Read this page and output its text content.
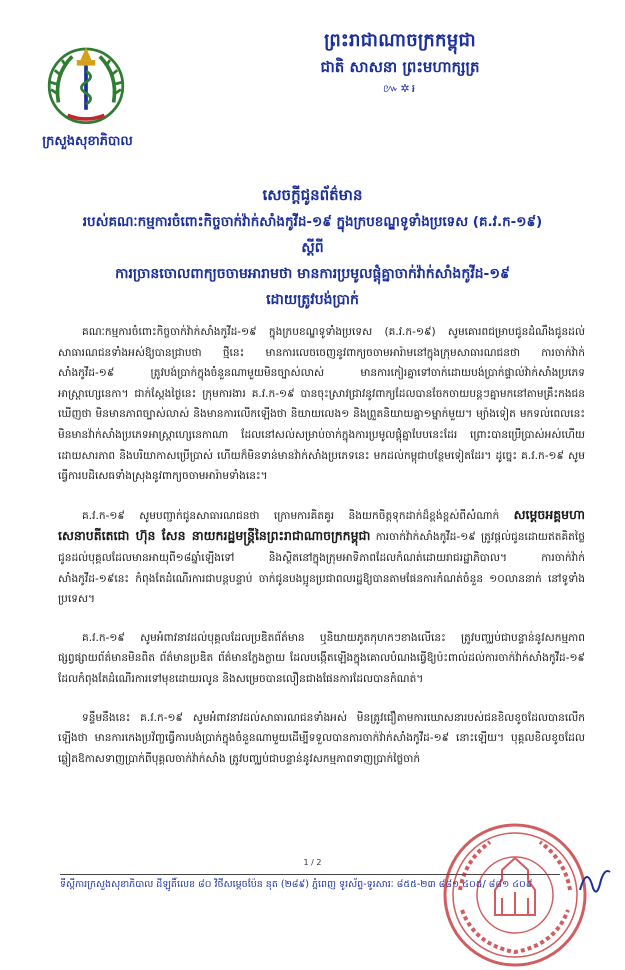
ក្រសួងសុខាភិបាល
ព្រះរាជាណាចក្រកម្ពុជា
ជាតិ សាសនា ព្រះមហាក្សត្រ
៚✲៛
សេចក្តីជូនព័ត៌មាន
របស់គណៈកម្មការចំពោះកិច្ចចាក់វ៉ាក់សាំងកូវីដ-១៩ ក្នុងក្របខណ្ឌទូទាំងប្រទេស (គ.វ.ក-១៩)
ស្តីពី
ការច្រានចោលពាក្យចចាមអារាមថា មានការប្រមូលផ្តុំគ្នាចាក់វ៉ាក់សាំងកូវីដ-១៩
ដោយត្រូវបង់ប្រាក់

គណៈកម្មការចំពោះកិច្ចចាក់វ៉ាក់សាំងកូវីដ-១៩ ក្នុងក្របខណ្ឌទូទាំងប្រទេស (គ.វ.ក-១៩) សូមគោរពជម្រាបជូនដំណឹងជូនដល់សាធារណជនទាំងអស់ឱ្យបានជ្រាបថា ថ្មីនេះ មានការលេចចេញនូវពាក្យចចាមអារ៉ាមនៅក្នុងក្រុមសាធារណជនថា ការចាក់វ៉ាក់សាំងកូវីដ-១៩ ត្រូវបង់ប្រាក់ក្នុងចំនួនណាមួយមិនច្បាស់លាស់ មានការកៀរគ្នាទៅចាក់ដោយបង់ប្រាក់ផ្ទាល់វ៉ាក់សាំងប្រភេទអាស្ត្រាហ្សេនេកា។ ជាក់ស្តែងថ្ងៃនេះ ក្រុមការងារ គ.វ.ក-១៩ បានចុះស្រាវជ្រាវនូវពាក្យដែលបានចែកចាយបន្តៗគ្នាមកនៅតាមគ្រឹះកងជន ឃើញថា មិនមានភាពច្បាស់លាស់ និងមានការលើកឡើងថា និយាយលេង១ និងព្រួតនិយាយគ្នា១ម្នាក់មួយ។ ម្យ៉ាងទៀត មកទល់ពេលនេះ មិនមានវ៉ាក់សាំងប្រភេទអាស្ត្រាហ្សេនេកាណា ដែលនៅសល់សម្រាប់ចាក់ក្នុងការប្រមូលផ្តុំគ្នាបែបនេះដែរ ព្រោះបានប្រើប្រាស់អស់ហើយដោយសារភាព និងបរិយាកាសប្រើប្រាស់ ហើយក៏មិនទាន់មានវ៉ាក់សាំងប្រភេទនេះ មកដល់កម្ពុជាបន្ថែមទៀតដែរ។ ដូច្នេះ គ.វ.ក-១៩ សូមធ្វើការបដិសេធទាំងស្រុងនូវពាក្យចចាមអារ៉ាមទាំងនេះ។

គ.វ.ក-១៩ សូមបញ្ជាក់ជូនសាធារណជនថា ក្រោមការគិតគូរ និងយកចិត្តទុកដាក់ដ៏ខ្ពង់ខ្ពស់ពីសំណាក់ សម្តេចអគ្គមហាសេនាបតីតេជោ ហ៊ុន សែន នាយករដ្ឋមន្ត្រីនៃព្រះរាជាណាចក្រកម្ពុជា ការចាក់វ៉ាក់សាំងកូវីដ-១៩ ត្រូវផ្តល់ជូនដោយឥតគិតថ្លៃ ជូនដល់បុគ្គលដែលមានអាយុពី១៨ឆ្នាំឡើងទៅ និងស្ថិតនៅក្នុងក្រុមអាទិភាពដែលកំណត់ដោយរាជរដ្ឋាភិបាល។ ការចាក់វ៉ាក់សាំងកូវីដ-១៩នេះ កំពុងតែដំណើរការជាបន្តបន្ទាប់ ចាក់ជូនបងប្អូនប្រជាពលរដ្ឋឱ្យបានតាមផែនការកំណត់ចំនួន ១០លាននាក់ នៅទូទាំងប្រទេស។

គ.វ.ក-១៩ សូមអំពាវនាវដល់បុគ្គលដែលប្រឌិតព័ត៌មាន ឬនិយាយភូតកុហកៗខាងលើនេះ ត្រូវបញ្ឈប់ជាបន្ទាន់នូវសកម្មភាពផ្សព្វផ្សាយព័ត៌មានមិនពិត ព័ត៌មានប្រឌិត ព័ត៌មានក្លែងក្លាយ ដែលបង្កើតឡើងក្នុងគោលបំណងធ្វើឱ្យប៉ះពាល់ដល់ការចាក់វ៉ាក់សាំងកូវីដ-១៩ ដែលកំពុងតែដំណើរការទៅមុខដោយរលូន និងសម្រេចបានលឿនជាងផែនការដែលបានកំណត់។

ទន្ទឹមនឹងនេះ គ.វ.ក-១៩ សូមអំពាវនាវដល់សាធារណជនទាំងអស់ មិនត្រូវជឿតាមការឃោសនារបស់ជនខិលខូចដែលបានលើកឡើងថា មានការកេងប្រវ័ញ្ចធ្វើការបង់ប្រាក់ក្នុងចំនួនណាមួយដើម្បីទទួលបានការចាក់វ៉ាក់សាំងកូវីដ-១៩ នោះឡើយ។ បុគ្គលខិលខូចដែលឆ្លៀតឱកាសទាញប្រាក់ពីបុគ្គលចាក់វ៉ាក់សាំង ត្រូវបញ្ឈប់ជាបន្ទាន់នូវសកម្មភាពទាញប្រាក់ថ្លៃចាក់

1 / 2
ទីស្តីការក្រសួងសុខាភិបាល ដីឡូតិ៍លេខ ៨០ វិថីសម្តេចប៉ែន នុត (២៨៩) ភ្នំពេញ ទូរស័ព្ទ-ទូរសារៈ ៨៥៥-២៣ ៨៨១ ៤០៥/ ៨៨១ ៤០៩
